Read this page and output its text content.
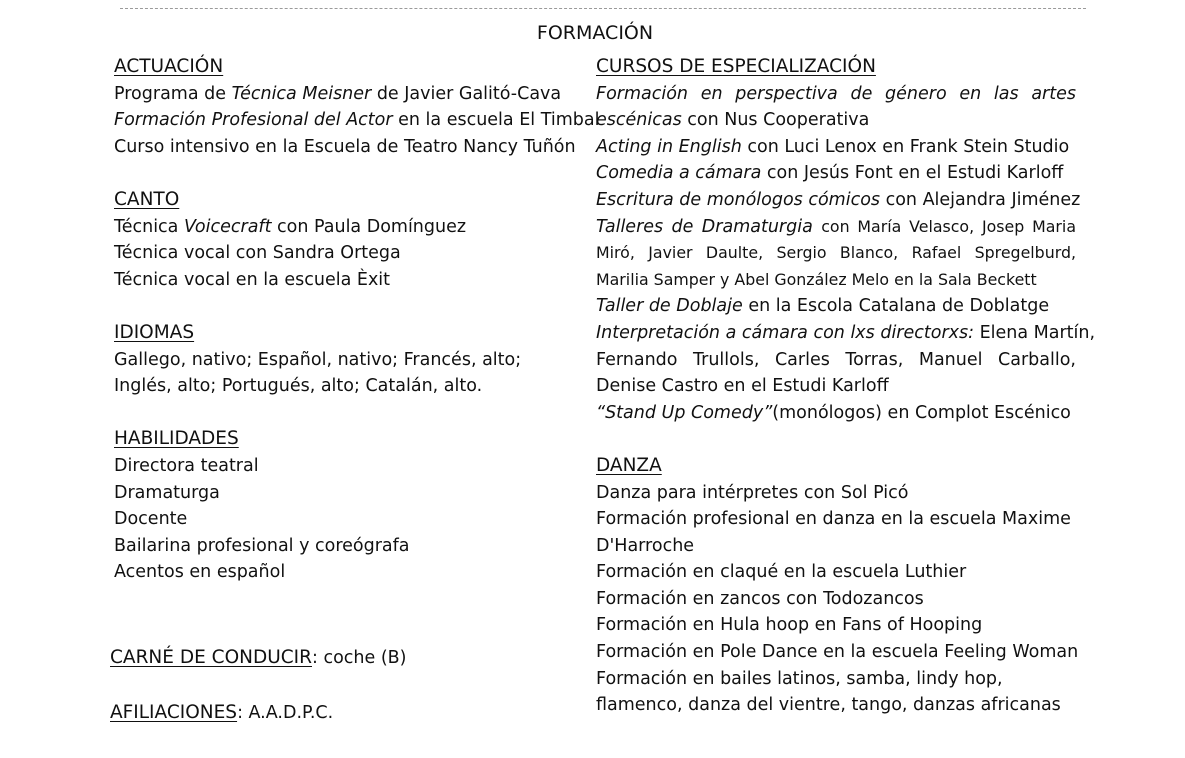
FORMACIÓN
ACTUACIÓN
Programa de Técnica Meisner de Javier Galitó-Cava
Formación Profesional del Actor en la escuela El Timbal
Curso intensivo en la Escuela de Teatro Nancy Tuñón
CANTO
Técnica Voicecraft con Paula Domínguez
Técnica vocal con Sandra Ortega
Técnica vocal en la escuela Èxit
IDIOMAS
Gallego, nativo; Español, nativo; Francés, alto;
Inglés, alto; Portugués, alto; Catalán, alto.
HABILIDADES
Directora teatral
Dramaturga
Docente
Bailarina profesional y coreógrafa
Acentos en español
CARNÉ DE CONDUCIR: coche (B)
AFILIACIONES: A.A.D.P.C.
CURSOS DE ESPECIALIZACIÓN
Formación en perspectiva de género en las artes
escénicas con Nus Cooperativa
Acting in English con Luci Lenox en Frank Stein Studio
Comedia a cámara con Jesús Font en el Estudi Karloff
Escritura de monólogos cómicos con Alejandra Jiménez
Talleres de Dramaturgia con María Velasco, Josep Maria
Miró, Javier Daulte, Sergio Blanco, Rafael Spregelburd,
Marilia Samper y Abel González Melo en la Sala Beckett
Taller de Doblaje en la Escola Catalana de Doblatge
Interpretación a cámara con lxs directorxs: Elena Martín,
Fernando Trullols, Carles Torras, Manuel Carballo,
Denise Castro en el Estudi Karloff
“Stand Up Comedy”(monólogos) en Complot Escénico
DANZA
Danza para intérpretes con Sol Picó
Formación profesional en danza en la escuela Maxime
D'Harroche
Formación en claqué en la escuela Luthier
Formación en zancos con Todozancos
Formación en Hula hoop en Fans of Hooping
Formación en Pole Dance en la escuela Feeling Woman
Formación en bailes latinos, samba, lindy hop,
flamenco, danza del vientre, tango, danzas africanas
